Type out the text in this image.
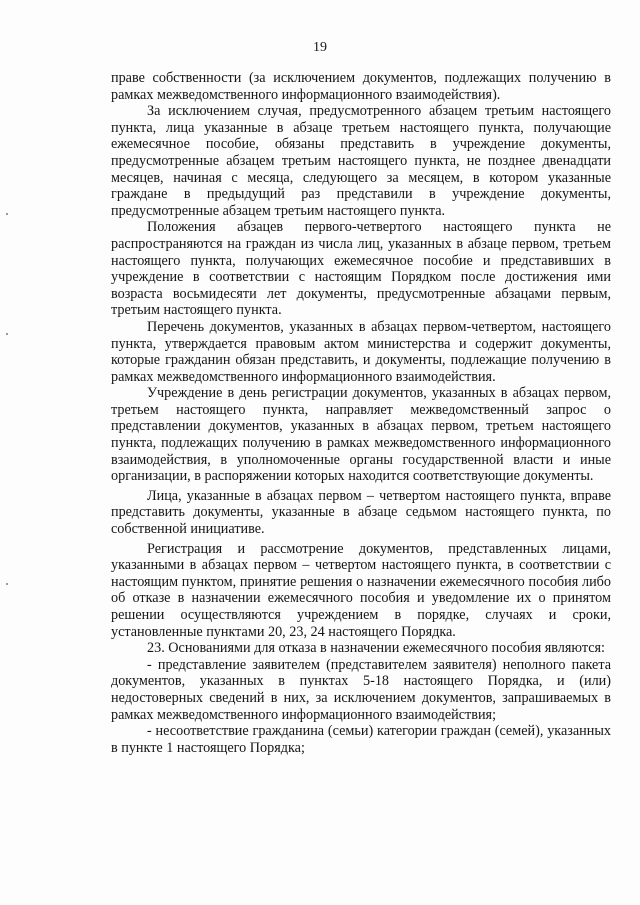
19

праве собственности (за исключением документов, подлежащих получению в рамках межведомственного информационного взаимодействия).

За исключением случая, предусмотренного абзацем третьим настоящего пункта, лица указанные в абзаце третьем настоящего пункта, получающие ежемесячное пособие, обязаны представить в учреждение документы, предусмотренные абзацем третьим настоящего пункта, не позднее двенадцати месяцев, начиная с месяца, следующего за месяцем, в котором указанные граждане в предыдущий раз представили в учреждение документы, предусмотренные абзацем третьим настоящего пункта.

Положения абзацев первого-четвертого настоящего пункта не распространяются на граждан из числа лиц, указанных в абзаце первом, третьем настоящего пункта, получающих ежемесячное пособие и представивших в учреждение в соответствии с настоящим Порядком после достижения ими возраста восьмидесяти лет документы, предусмотренные абзацами первым, третьим настоящего пункта.

Перечень документов, указанных в абзацах первом-четвертом, настоящего пункта, утверждается правовым актом министерства и содержит документы, которые гражданин обязан представить, и документы, подлежащие получению в рамках межведомственного информационного взаимодействия.

Учреждение в день регистрации документов, указанных в абзацах первом, третьем настоящего пункта, направляет межведомственный запрос о представлении документов, указанных в абзацах первом, третьем настоящего пункта, подлежащих получению в рамках межведомственного информационного взаимодействия, в уполномоченные органы государственной власти и иные организации, в распоряжении которых находится соответствующие документы.

Лица, указанные в абзацах первом – четвертом настоящего пункта, вправе представить документы, указанные в абзаце седьмом настоящего пункта, по собственной инициативе.

Регистрация и рассмотрение документов, представленных лицами, указанными в абзацах первом – четвертом настоящего пункта, в соответствии с настоящим пунктом, принятие решения о назначении ежемесячного пособия либо об отказе в назначении ежемесячного пособия и уведомление их о принятом решении осуществляются учреждением в порядке, случаях и сроки, установленные пунктами 20, 23, 24 настоящего Порядка.

23. Основаниями для отказа в назначении ежемесячного пособия являются:

- представление заявителем (представителем заявителя) неполного пакета документов, указанных в пунктах 5-18 настоящего Порядка, и (или) недостоверных сведений в них, за исключением документов, запрашиваемых в рамках межведомственного информационного взаимодействия;

- несоответствие гражданина (семьи) категории граждан (семей), указанных в пункте 1 настоящего Порядка;
